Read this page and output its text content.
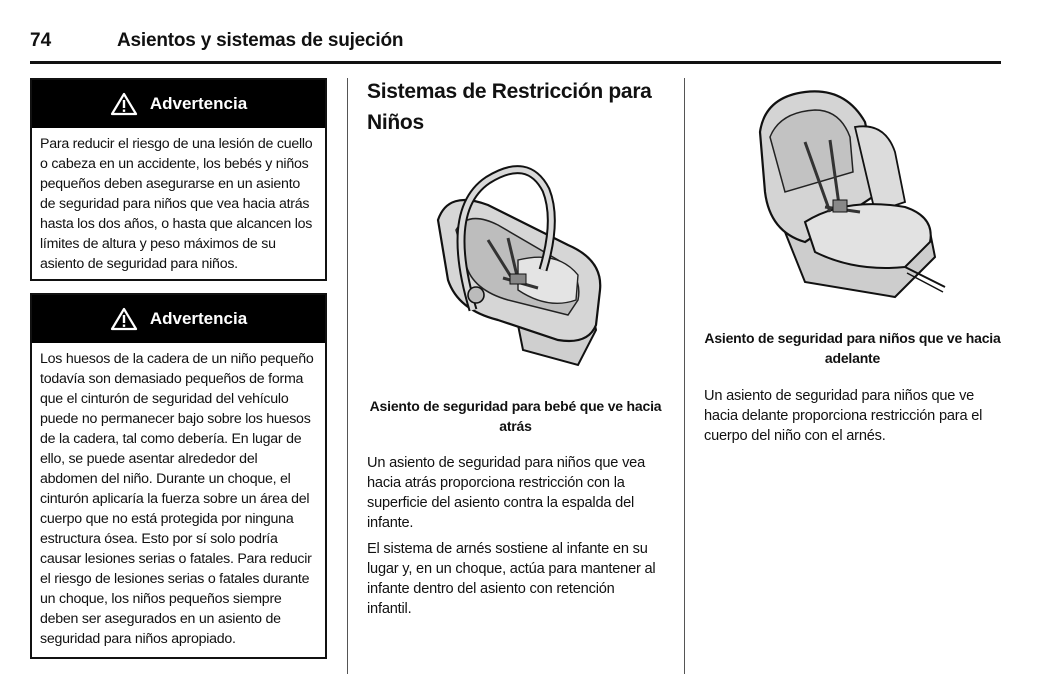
74	Asientos y sistemas de sujeción
Advertencia
Para reducir el riesgo de una lesión de cuello o cabeza en un accidente, los bebés y niños pequeños deben asegurarse en un asiento de seguridad para niños que vea hacia atrás hasta los dos años, o hasta que alcancen los límites de altura y peso máximos de su asiento de seguridad para niños.
Advertencia
Los huesos de la cadera de un niño pequeño todavía son demasiado pequeños de forma que el cinturón de seguridad del vehículo puede no permanecer bajo sobre los huesos de la cadera, tal como debería. En lugar de ello, se puede asentar alrededor del abdomen del niño. Durante un choque, el cinturón aplicaría la fuerza sobre un área del cuerpo que no está protegida por ninguna estructura ósea. Esto por sí solo podría causar lesiones serias o fatales. Para reducir el riesgo de lesiones serias o fatales durante un choque, los niños pequeños siempre deben ser asegurados en un asiento de seguridad para niños apropiado.
Sistemas de Restricción para Niños
Asiento de seguridad para bebé que ve hacia atrás

Un asiento de seguridad para niños que vea hacia atrás proporciona restricción con la superficie del asiento contra la espalda del infante.

El sistema de arnés sostiene al infante en su lugar y, en un choque, actúa para mantener al infante dentro del asiento con retención infantil.

Asiento de seguridad para niños que ve hacia adelante

Un asiento de seguridad para niños que ve hacia delante proporciona restricción para el cuerpo del niño con el arnés.
